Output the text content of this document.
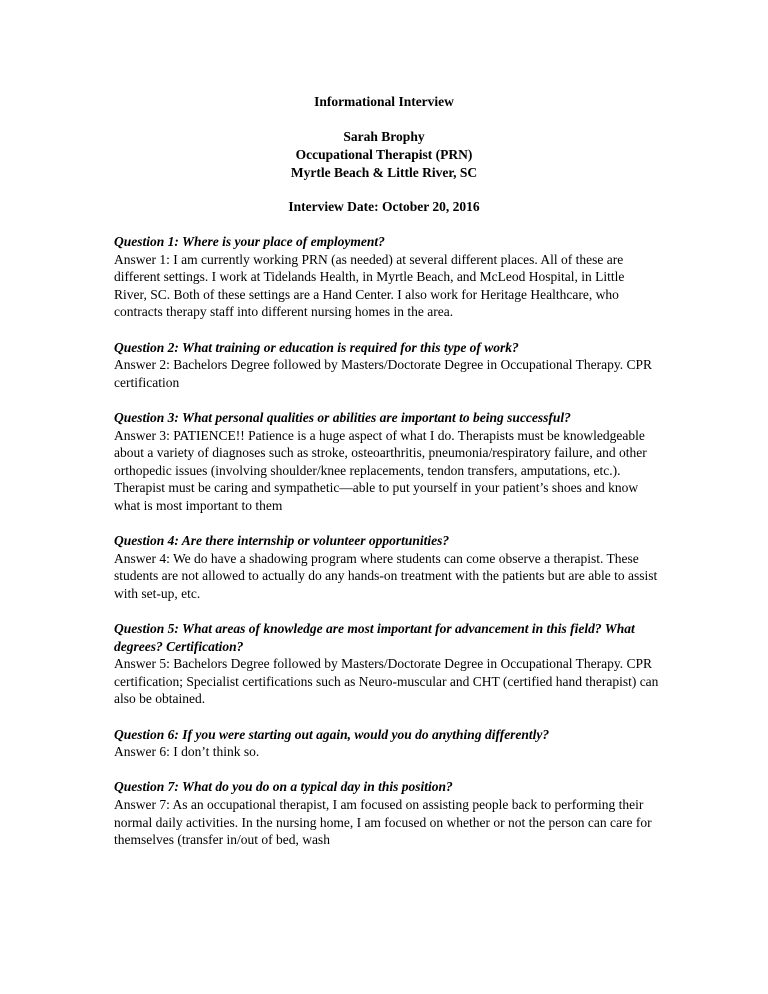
Informational Interview
Sarah Brophy
Occupational Therapist (PRN)
Myrtle Beach & Little River, SC
Interview Date: October 20, 2016
Question 1: Where is your place of employment?
Answer 1: I am currently working PRN (as needed) at several different places. All of these are different settings. I work at Tidelands Health, in Myrtle Beach, and McLeod Hospital, in Little River, SC. Both of these settings are a Hand Center. I also work for Heritage Healthcare, who contracts therapy staff into different nursing homes in the area.
Question 2: What training or education is required for this type of work?
Answer 2: Bachelors Degree followed by Masters/Doctorate Degree in Occupational Therapy. CPR certification
Question 3: What personal qualities or abilities are important to being successful?
Answer 3: PATIENCE!! Patience is a huge aspect of what I do. Therapists must be knowledgeable about a variety of diagnoses such as stroke, osteoarthritis, pneumonia/respiratory failure, and other orthopedic issues (involving shoulder/knee replacements, tendon transfers, amputations, etc.). Therapist must be caring and sympathetic—able to put yourself in your patient’s shoes and know what is most important to them
Question 4: Are there internship or volunteer opportunities?
Answer 4: We do have a shadowing program where students can come observe a therapist. These students are not allowed to actually do any hands-on treatment with the patients but are able to assist with set-up, etc.
Question 5: What areas of knowledge are most important for advancement in this field? What degrees? Certification?
Answer 5: Bachelors Degree followed by Masters/Doctorate Degree in Occupational Therapy. CPR certification; Specialist certifications such as Neuro-muscular and CHT (certified hand therapist) can also be obtained.
Question 6: If you were starting out again, would you do anything differently?
Answer 6: I don’t think so.
Question 7: What do you do on a typical day in this position?
Answer 7: As an occupational therapist, I am focused on assisting people back to performing their normal daily activities. In the nursing home, I am focused on whether or not the person can care for themselves (transfer in/out of bed, wash
